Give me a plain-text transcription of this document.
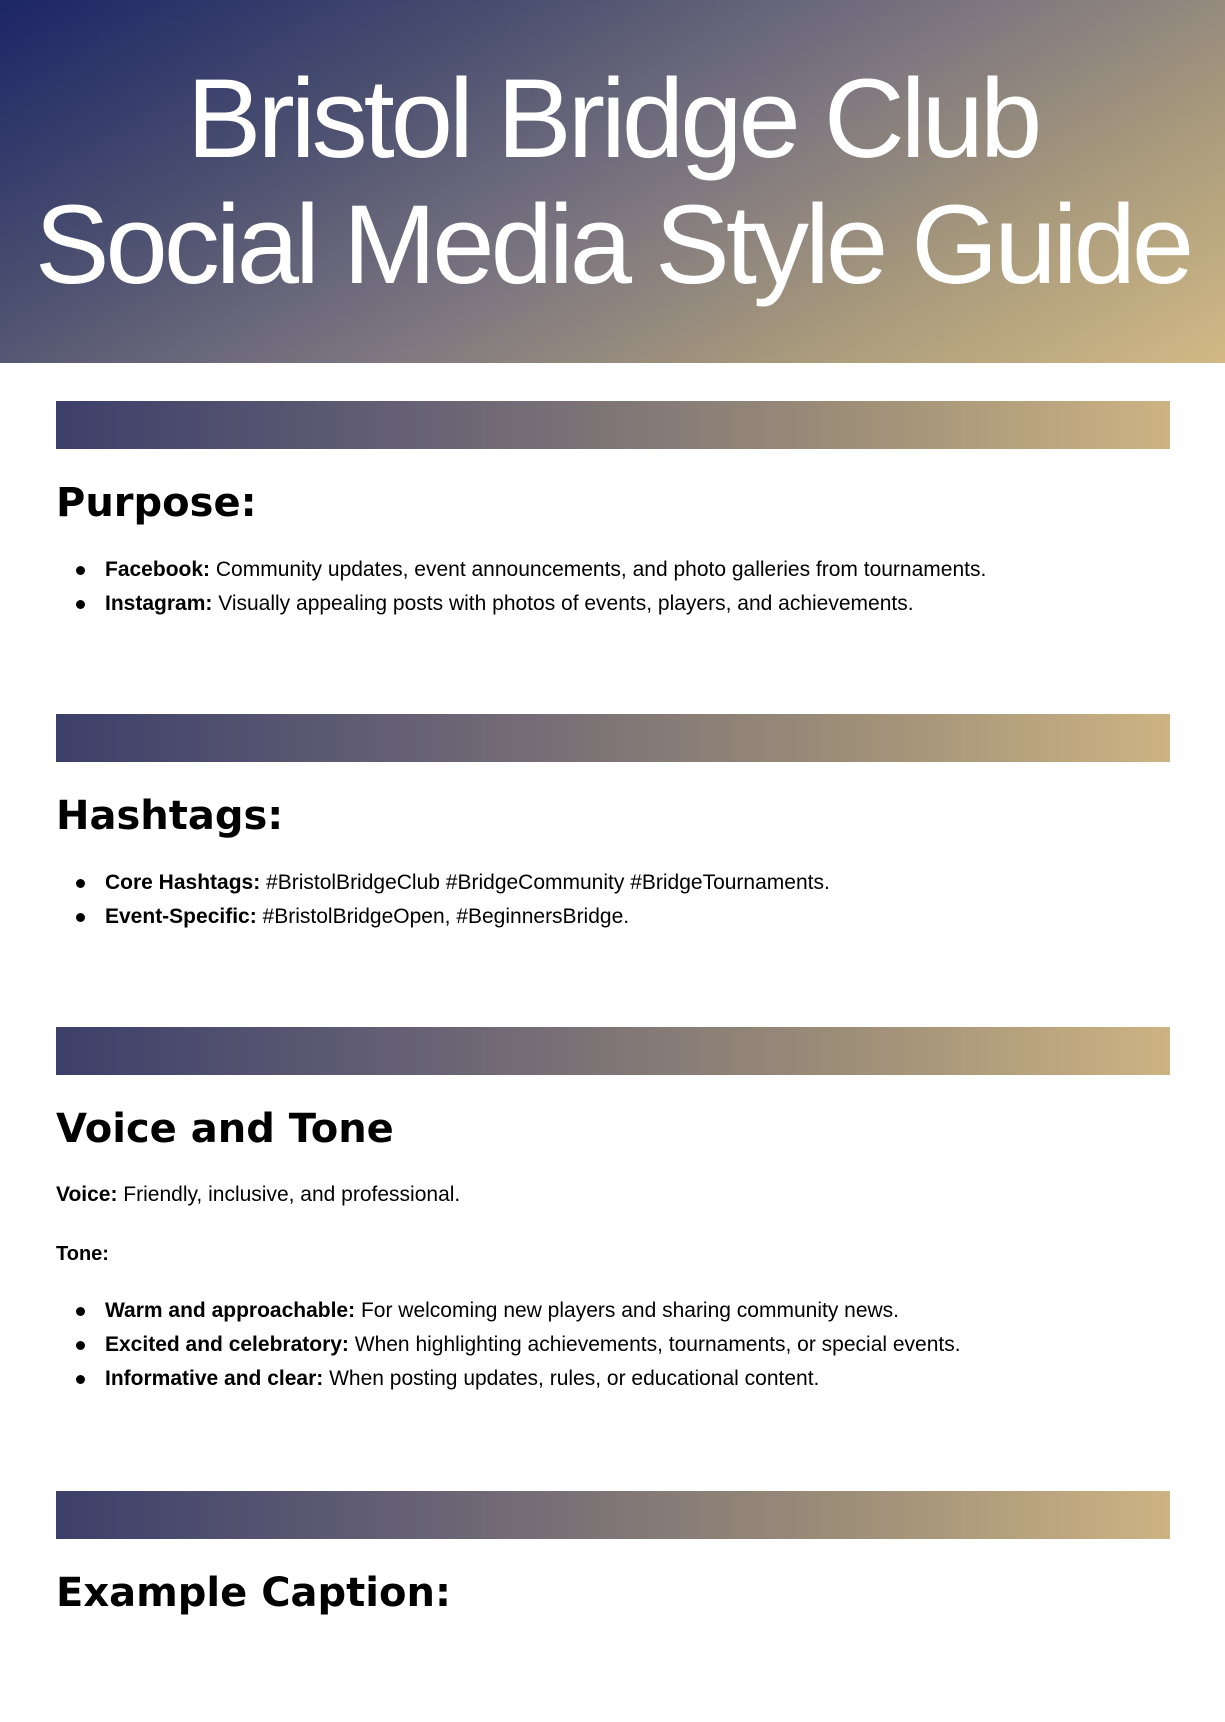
Bristol Bridge Club
Social Media Style Guide
Purpose:
Facebook: Community updates, event announcements, and photo galleries from tournaments.
Instagram: Visually appealing posts with photos of events, players, and achievements.
Hashtags:
Core Hashtags: #BristolBridgeClub #BridgeCommunity #BridgeTournaments.
Event-Specific: #BristolBridgeOpen, #BeginnersBridge.
Voice and Tone

Voice: Friendly, inclusive, and professional.

Tone:

Warm and approachable: For welcoming new players and sharing community news.
Excited and celebratory: When highlighting achievements, tournaments, or special events.
Informative and clear: When posting updates, rules, or educational content.
Example Caption:
